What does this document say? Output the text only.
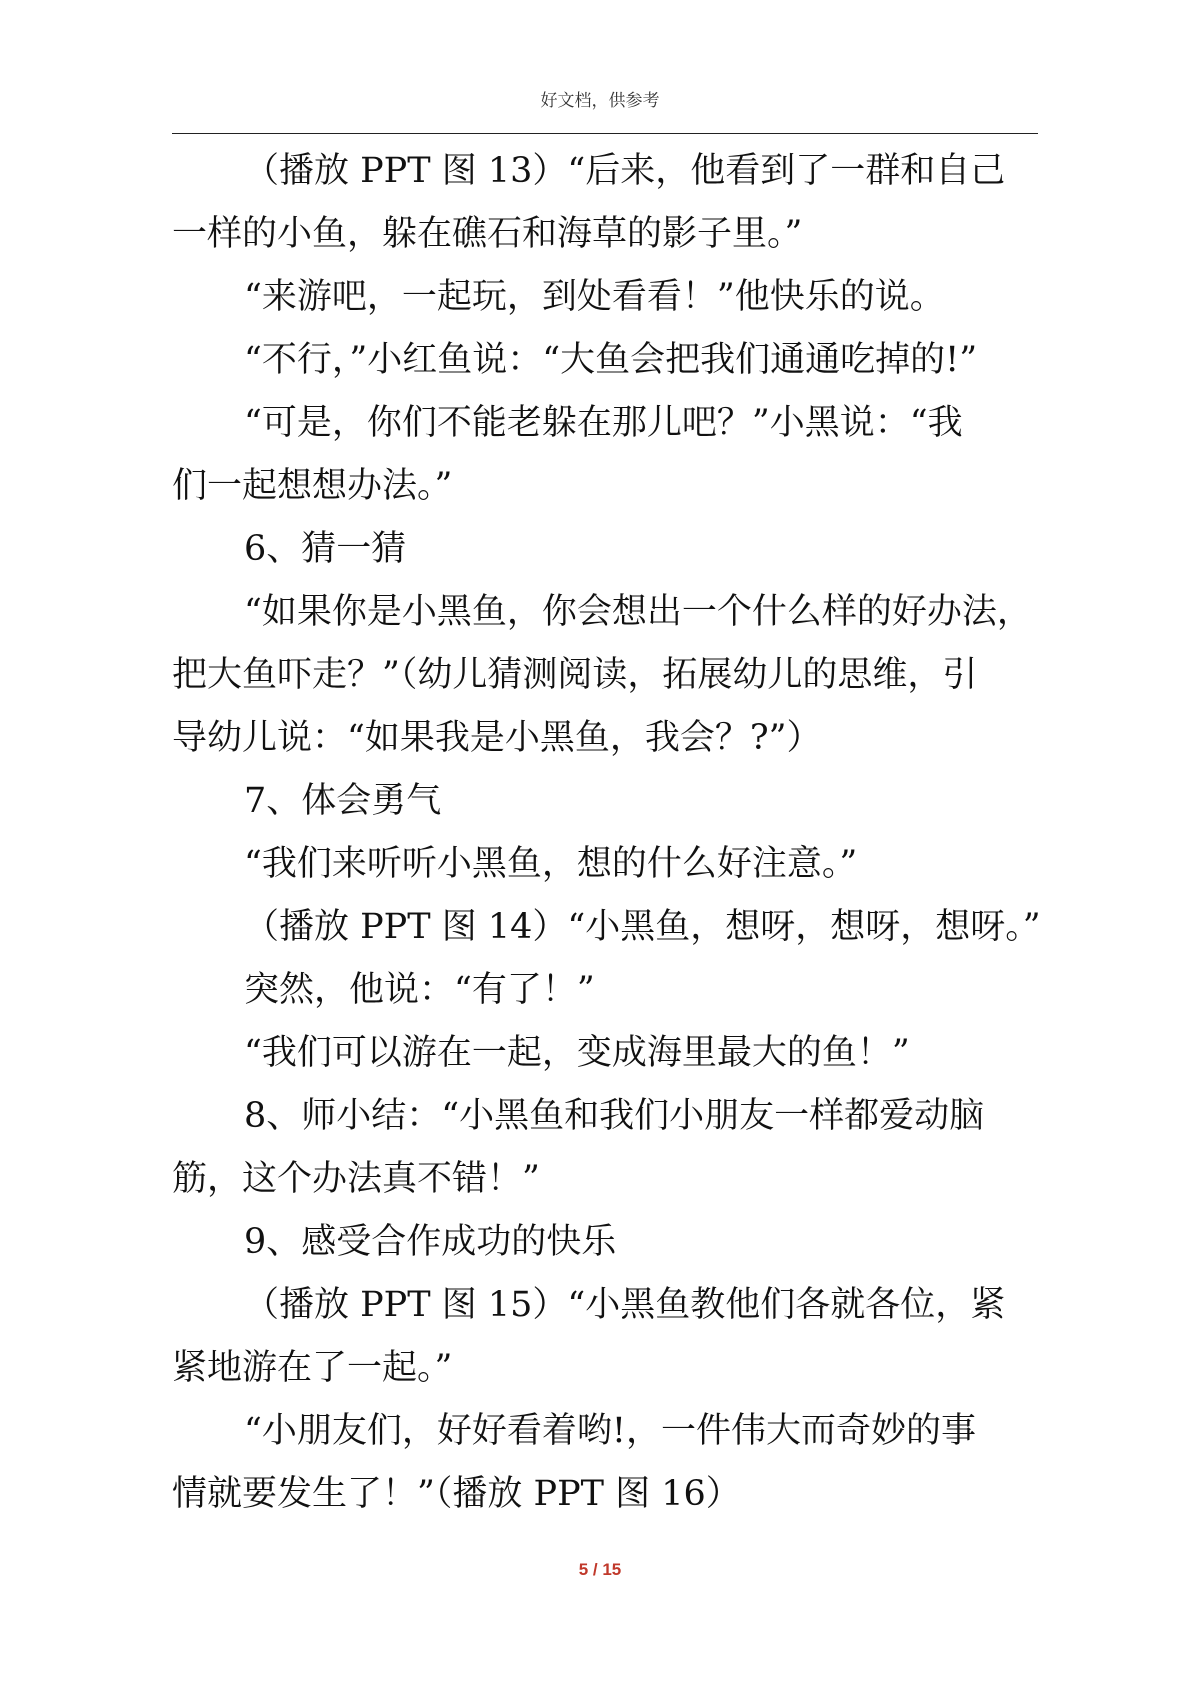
好文档，供参考
（播放 PPT 图 13）“后来，他看到了一群和自己
一样的小鱼，躲在礁石和海草的影子里。”
“来游吧，一起玩，到处看看！”他快乐的说。
“不行，”小红鱼说：“大鱼会把我们通通吃掉的!”
“可是，你们不能老躲在那儿吧？”小黑说：“我
们一起想想办法。”
6、猜一猜
“如果你是小黑鱼，你会想出一个什么样的好办法，
把大鱼吓走？”（幼儿猜测阅读，拓展幼儿的思维，引
导幼儿说：“如果我是小黑鱼，我会？?”）
7、体会勇气
“我们来听听小黑鱼，想的什么好注意。”
（播放 PPT 图 14）“小黑鱼，想呀，想呀，想呀。”
突然，他说：“有了！”
“我们可以游在一起，变成海里最大的鱼！”
8、师小结：“小黑鱼和我们小朋友一样都爱动脑
筋，这个办法真不错！”
9、感受合作成功的快乐
（播放 PPT 图 15）“小黑鱼教他们各就各位，紧
紧地游在了一起。”
“小朋友们，好好看着哟!，一件伟大而奇妙的事
情就要发生了！”（播放 PPT 图 16）
5 / 15
